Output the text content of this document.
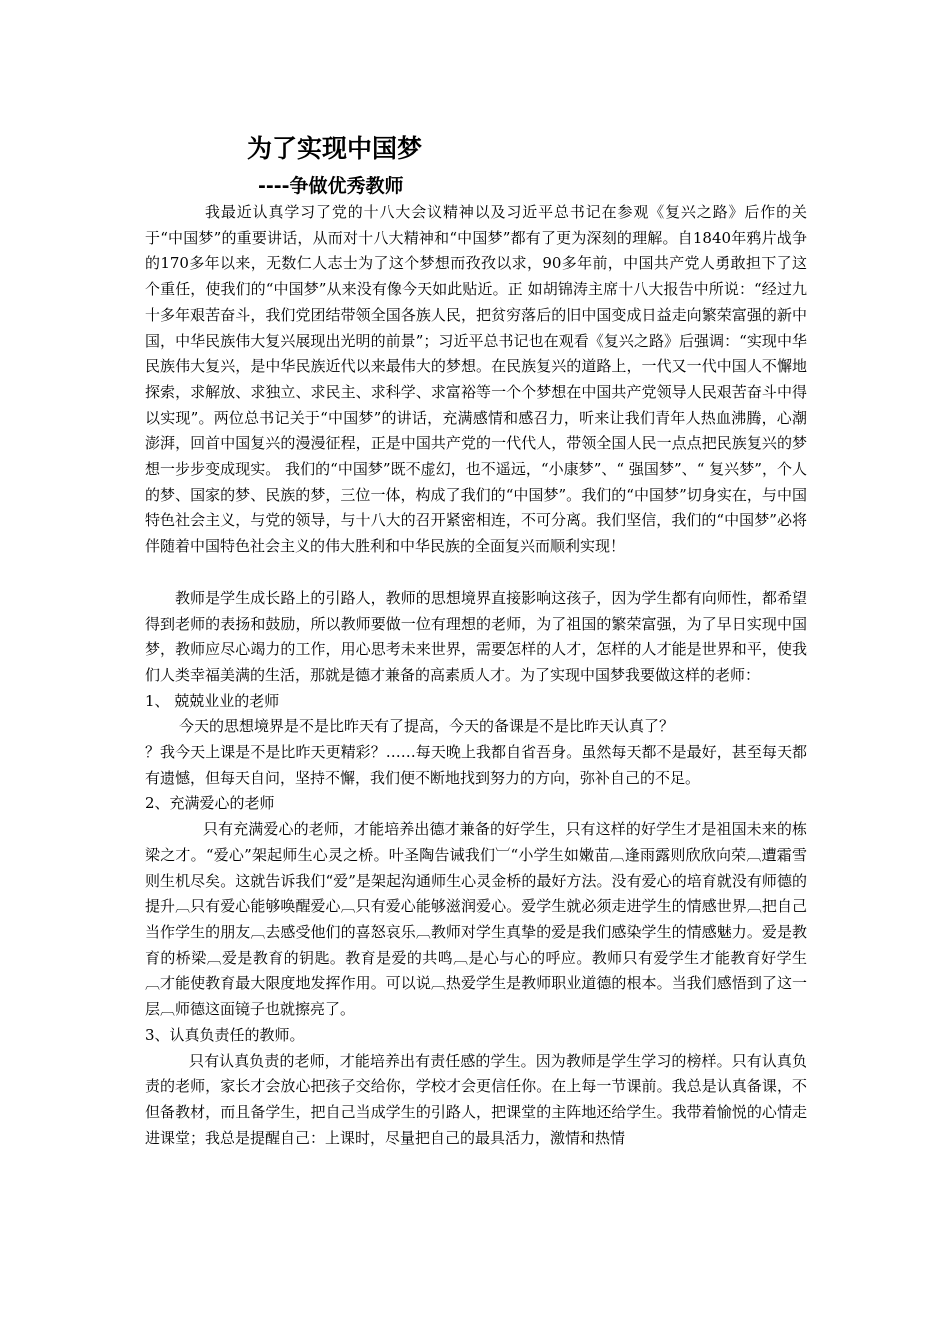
为了实现中国梦
----争做优秀教师

我最近认真学习了党的十八大会议精神以及习近平总书记在参观《复兴之路》后作的关于“中国梦”的重要讲话，从而对十八大精神和“中国梦”都有了更为深刻的理解。自1840年鸦片战争的170多年以来，无数仁人志士为了这个梦想而孜孜以求，90多年前，中国共产党人勇敢担下了这个重任，使我们的“中国梦”从来没有像今天如此贴近。正 如胡锦涛主席十八大报告中所说：“经过九十多年艰苦奋斗，我们党团结带领全国各族人民，把贫穷落后的旧中国变成日益走向繁荣富强的新中国，中华民族伟大复兴展现出光明的前景”；习近平总书记也在观看《复兴之路》后强调：“实现中华民族伟大复兴，是中华民族近代以来最伟大的梦想。在民族复兴的道路上，一代又一代中国人不懈地探索，求解放、求独立、求民主、求科学、求富裕等一个个梦想在中国共产党领导人民艰苦奋斗中得以实现”。两位总书记关于“中国梦”的讲话，充满感情和感召力，听来让我们青年人热血沸腾，心潮澎湃，回首中国复兴的漫漫征程，正是中国共产党的一代代人，带领全国人民一点点把民族复兴的梦想一步步变成现实。 我们的“中国梦”既不虚幻，也不遥远，“小康梦”、“ 强国梦”、“ 复兴梦”，个人的梦、国家的梦、民族的梦，三位一体，构成了我们的“中国梦”。我们的“中国梦”切身实在，与中国特色社会主义，与党的领导，与十八大的召开紧密相连，不可分离。我们坚信，我们的“中国梦”必将伴随着中国特色社会主义的伟大胜利和中华民族的全面复兴而顺利实现！

教师是学生成长路上的引路人，教师的思想境界直接影响这孩子，因为学生都有向师性，都希望得到老师的表扬和鼓励，所以教师要做一位有理想的老师，为了祖国的繁荣富强，为了早日实现中国梦，教师应尽心竭力的工作，用心思考未来世界，需要怎样的人才，怎样的人才能是世界和平，使我们人类幸福美满的生活，那就是德才兼备的高素质人才。为了实现中国梦我要做这样的老师：

1、 兢兢业业的老师

今天的思想境界是不是比昨天有了提高，今天的备课是不是比昨天认真了？

？我今天上课是不是比昨天更精彩？……每天晚上我都自省吾身。虽然每天都不是最好，甚至每天都有遗憾，但每天自问，坚持不懈，我们便不断地找到努力的方向，弥补自己的不足。

2、充满爱心的老师

只有充满爱心的老师，才能培养出德才兼备的好学生，只有这样的好学生才是祖国未来的栋梁之才。“爱心”架起师生心灵之桥。叶圣陶告诫我们︺“小学生如嫩苗︹逢雨露则欣欣向荣︹遭霜雪则生机尽矣。这就告诉我们“爱”是架起沟通师生心灵金桥的最好方法。没有爱心的培育就没有师德的提升︹只有爱心能够唤醒爱心︹只有爱心能够滋润爱心。爱学生就必须走进学生的情感世界︹把自己当作学生的朋友︹去感受他们的喜怒哀乐︹教师对学生真挚的爱是我们感染学生的情感魅力。爱是教育的桥梁︹爱是教育的钥匙。教育是爱的共鸣︹是心与心的呼应。教师只有爱学生才能教育好学生︹才能使教育最大限度地发挥作用。可以说︹热爱学生是教师职业道德的根本。当我们感悟到了这一层︹师德这面镜子也就擦亮了。

3、认真负责任的教师。

只有认真负责的老师，才能培养出有责任感的学生。因为教师是学生学习的榜样。只有认真负责的老师，家长才会放心把孩子交给你，学校才会更信任你。在上每一节课前。我总是认真备课，不但备教材，而且备学生，把自己当成学生的引路人，把课堂的主阵地还给学生。我带着愉悦的心情走进课堂；我总是提醒自己：上课时，尽量把自己的最具活力，激情和热情
